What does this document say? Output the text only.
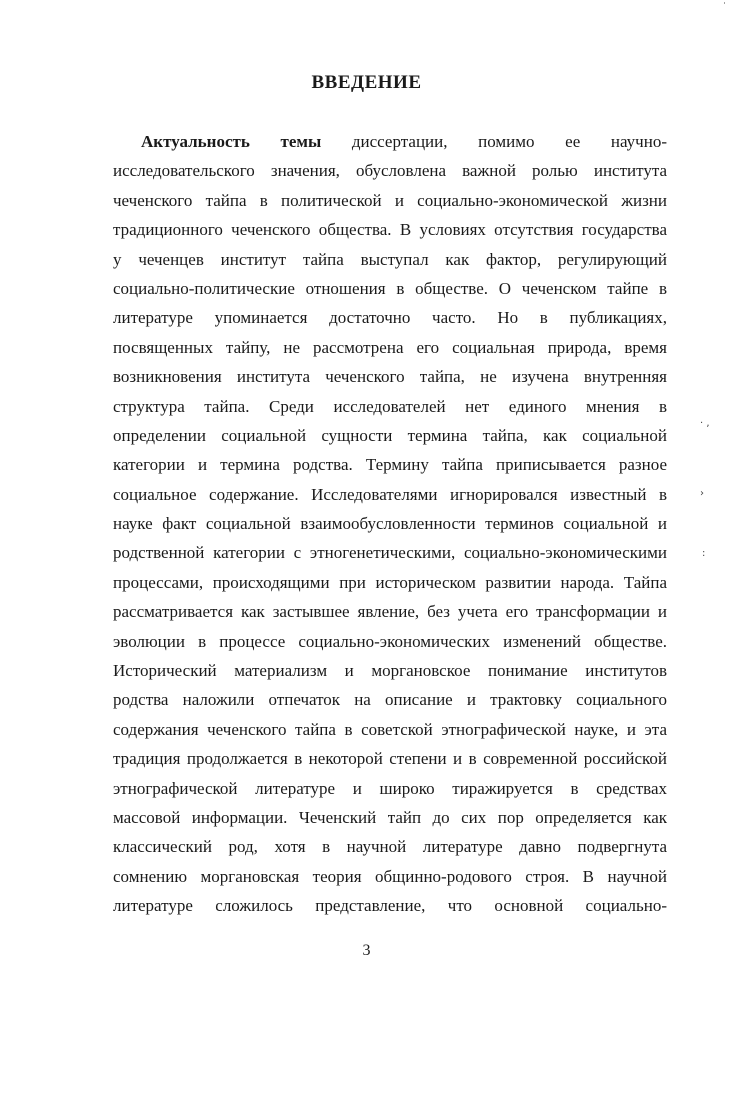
ВВЕДЕНИЕ
Актуальность темы диссертации, помимо ее научно-
исследовательского значения, обусловлена важной ролью института
чеченского тайпа в политической и социально-экономической жизни
традиционного чеченского общества. В условиях отсутствия государства
у чеченцев институт тайпа выступал как фактор, регулирующий
социально-политические отношения в обществе. О чеченском тайпе в
литературе упоминается достаточно часто. Но в публикациях,
посвященных тайпу, не рассмотрена его социальная природа, время
возникновения института чеченского тайпа, не изучена внутренняя
структура тайпа. Среди исследователей нет единого мнения в
определении социальной сущности термина тайпа, как социальной
категории и термина родства. Термину тайпа приписывается разное
социальное содержание. Исследователями игнорировался известный в
науке факт социальной взаимообусловленности терминов социальной и
родственной категории с этногенетическими, социально-экономическими
процессами, происходящими при историческом развитии народа. Тайпа
рассматривается как застывшее явление, без учета его трансформации и
эволюции в процессе социально-экономических изменений обществе.
Исторический материализм и моргановское понимание институтов
родства наложили отпечаток на описание и трактовку социального
содержания чеченского тайпа в советской этнографической науке, и эта
традиция продолжается в некоторой степени и в современной российской
этнографической литературе и широко тиражируется в средствах
массовой информации. Чеченский тайп до сих пор определяется как
классический род, хотя в научной литературе давно подвергнута
сомнению моргановская теория общинно-родового строя. В научной
литературе сложилось представление, что основной социально-
3
˙
· ,
›
:
